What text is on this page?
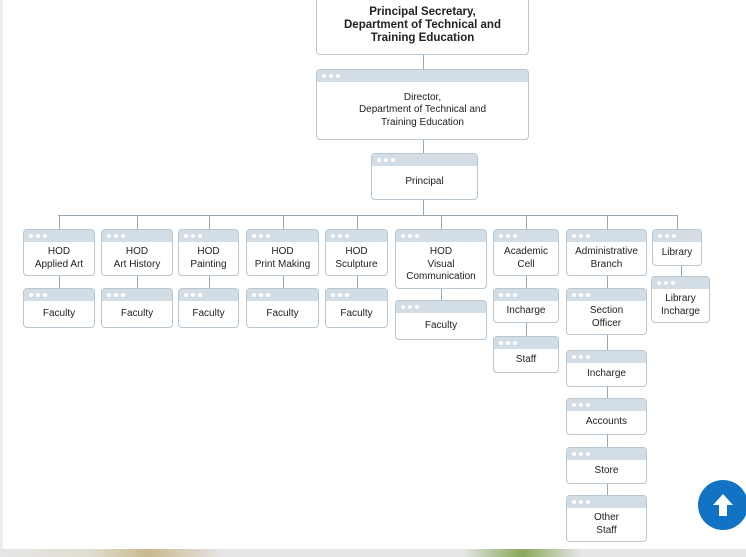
Principal Secretary,
Department of Technical and
Training Education
Director,
Department of Technical and
Training Education
Principal
HOD
Applied Art
Faculty
HOD
Art History
Faculty
HOD
Painting
Faculty
HOD
Print Making
Faculty
HOD
Sculpture
Faculty
HOD
Visual
Communication
Faculty
Academic
Cell
Incharge
Staff
Administrative
Branch
Section
Officer
Incharge
Accounts
Store
Other
Staff
Library
Library
Incharge
